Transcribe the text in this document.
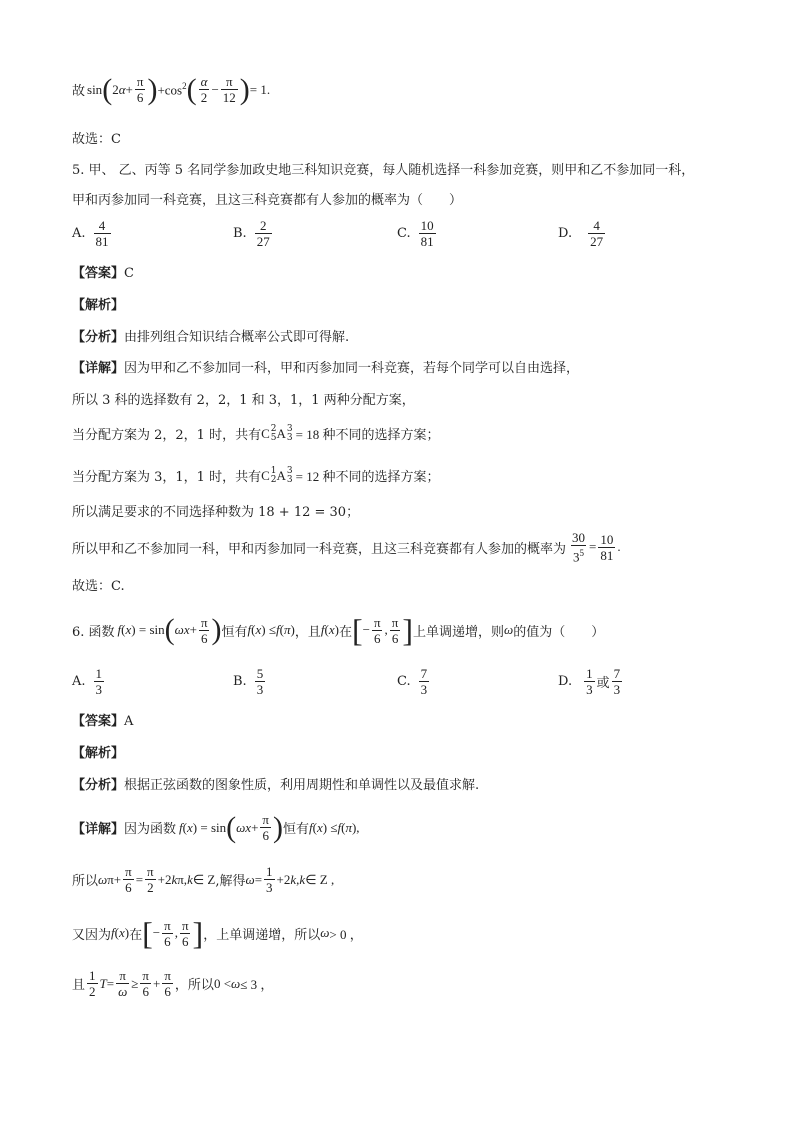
故 sin ( 2 $\alpha + \frac{\pi}{6}$ ) $+\cos^2$ ( $\frac{\alpha}{2} - \frac{\pi}{12}$ ) = 1.
故选：C
5. 甲、 乙、丙等 5 名同学参加政史地三科知识竞赛，每人随机选择一科参加竞赛，则甲和乙不参加同一科，
甲和丙参加同一科竞赛，且这三科竞赛都有人参加的概率为（　　）
A. $\frac{4}{81}$	B. $\frac{2}{27}$	C. $\frac{10}{81}$	D. $\frac{4}{27}$
【答案】C
【解析】
【分析】由排列组合知识结合概率公式即可得解.
【详解】因为甲和乙不参加同一科，甲和丙参加同一科竞赛，若每个同学可以自由选择，
所以 3 科的选择数有 2，2，1 和 3，1，1 两种分配方案，
当分配方案为 2，2，1 时，共有 C 2
5 A 3
3 = 18 种不同的选择方案；
当分配方案为 3，1，1 时，共有 C 1
2 A 3
3 = 12 种不同的选择方案；
所以满足要求的不同选择种数为 18 + 12 = 30；
所以甲和乙不参加同一科，甲和丙参加同一科竞赛，且这三科竞赛都有人参加的概率为 $\frac{30}{3^5} = \frac{10}{81}$ .
故选：C.
6. 函数 f ( x ) = sin ( $\omega x + \frac{\pi}{6}$ ) 恒有 f ( x ) ≤ f ( π ) ，且 f ( x ) 在 [ − $\frac{\pi}{6}$ , $\frac{\pi}{6}$ ] 上单调递增，则 ω 的值为（　　）
A. $\frac{1}{3}$	B. $\frac{5}{3}$	C. $\frac{7}{3}$	D. $\frac{1}{3}$ 或 $\frac{7}{3}$
【答案】A
【解析】
【分析】根据正弦函数的图象性质，利用周期性和单调性以及最值求解.
【详解】 因为函数 f ( x ) = sin ( $\omega x + \frac{\pi}{6}$ ) 恒有 f ( x ) ≤ f ( π ),
所以 ω $\pi+ \frac{\pi}{6} = \frac{\pi}{2} +2$ k π, k ∈ Z ,解得 $\omega = \frac{1}{3} +2$ k , k ∈ Z ,
又因为 f ( x ) 在 [ − $\frac{\pi}{6}$ , $\frac{\pi}{6}$ ] ，上单调递增，所以 ω > 0 ，
且 $\frac{1}{2}$ $T = \frac{\pi}{\omega} \ge \frac{\pi}{6} + \frac{\pi}{6}$ ，所以 0 < ω ≤ 3 ，
